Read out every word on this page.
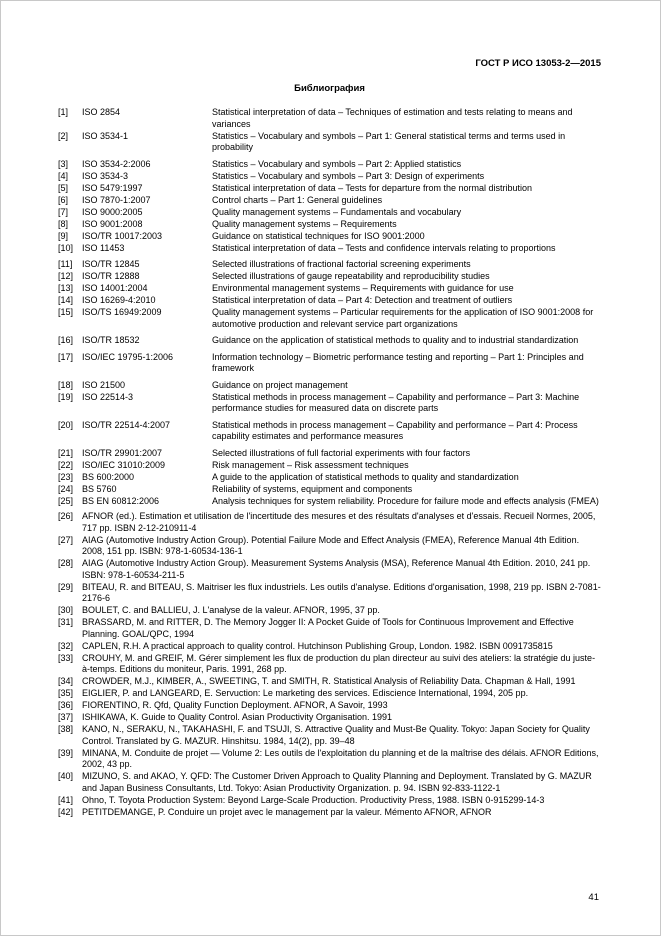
ГОСТ Р ИСО 13053-2—2015
Библиография
[1]	ISO 2854	Statistical interpretation of data – Techniques of estimation and tests relating to means and variances
[2]	ISO 3534-1	Statistics – Vocabulary and symbols – Part 1: General statistical terms and terms used in probability
[3]	ISO 3534-2:2006	Statistics – Vocabulary and symbols – Part 2: Applied statistics
[4]	ISO 3534-3	Statistics – Vocabulary and symbols – Part 3: Design of experiments
[5]	ISO 5479:1997	Statistical interpretation of data – Tests for departure from the normal distribution
[6]	ISO 7870-1:2007	Control charts – Part 1: General guidelines
[7]	ISO 9000:2005	Quality management systems – Fundamentals and vocabulary
[8]	ISO 9001:2008	Quality management systems – Requirements
[9]	ISO/TR 10017:2003	Guidance on statistical techniques for ISO 9001:2000
[10] ISO 11453	Statistical interpretation of data – Tests and confidence intervals relating to proportions
[11]	ISO/TR 12845	Selected illustrations of fractional factorial screening experiments
[12] ISO/TR 12888	Selected illustrations of gauge repeatability and reproducibility studies
[13] ISO 14001:2004	Environmental management systems – Requirements with guidance for use
[14] ISO 16269-4:2010	Statistical interpretation of data – Part 4: Detection and treatment of outliers
[15] ISO/TS 16949:2009	Quality management systems – Particular requirements for the application of ISO 9001:2008 for automotive production and relevant service part organizations
[16] ISO/TR 18532	Guidance on the application of statistical methods to quality and to industrial standardization
[17] ISO/IEC 19795-1:2006	Information technology – Biometric performance testing and reporting – Part 1: Principles and framework
[18] ISO 21500	Guidance on project management
[19] ISO 22514-3	Statistical methods in process management – Capability and performance – Part 3: Machine performance studies for measured data on discrete parts
[20] ISO/TR 22514-4:2007	Statistical methods in process management – Capability and performance – Part 4: Process capability estimates and performance measures
[21] ISO/TR 29901:2007	Selected illustrations of full factorial experiments with four factors
[22] ISO/IEC 31010:2009	Risk management – Risk assessment techniques
[23] BS 600:2000	A guide to the application of statistical methods to quality and standardization
[24] BS 5760	Reliability of systems, equipment and components
[25] BS EN 60812:2006	Analysis techniques for system reliability. Procedure for failure mode and effects analysis (FMEA)
[26] AFNOR (ed.). Estimation et utilisation de l'incertitude des mesures et des résultats d'analyses et d'essais. Recueil Normes, 2005, 717 pp. ISBN 2-12-210911-4
[27] AIAG (Automotive Industry Action Group). Potential Failure Mode and Effect Analysis (FMEA), Reference Manual 4th Edition. 2008, 151 pp. ISBN: 978-1-60534-136-1
[28] AIAG (Automotive Industry Action Group). Measurement Systems Analysis (MSA), Reference Manual 4th Edition. 2010, 241 pp. ISBN: 978-1-60534-211-5
[29] BITEAU, R. and BITEAU, S. Maitriser les flux industriels. Les outils d'analyse. Editions d'organisation, 1998, 219 pp. ISBN 2-7081-2176-6
[30] BOULET, C. and BALLIEU, J. L'analyse de la valeur. AFNOR, 1995, 37 pp.
[31] BRASSARD, M. and RITTER, D. The Memory Jogger II: A Pocket Guide of Tools for Continuous Improvement and Effective Planning. GOAL/QPC, 1994
[32] CAPLEN, R.H. A practical approach to quality control. Hutchinson Publishing Group, London. 1982. ISBN 0091735815
[33] CROUHY, M. and GREIF, M. Gérer simplement les flux de production du plan directeur au suivi des ateliers: la stratégie du juste-à-temps. Editions du moniteur, Paris. 1991, 268 pp.
[34] CROWDER, M.J., KIMBER, A., SWEETING, T. and SMITH, R. Statistical Analysis of Reliability Data. Chapman & Hall, 1991
[35] EIGLIER, P. and LANGEARD, E. Servuction: Le marketing des services. Ediscience International, 1994, 205 pp.
[36] FIORENTINO, R. Qfd, Quality Function Deployment. AFNOR, A Savoir, 1993
[37] ISHIKAWA, K. Guide to Quality Control. Asian Productivity Organisation. 1991
[38] KANO, N., SERAKU, N., TAKAHASHI, F. and TSUJI, S. Attractive Quality and Must-Be Quality. Tokyo: Japan Society for Quality Control. Translated by G. MAZUR. Hinshitsu. 1984, 14(2), pp. 39–48
[39] MINANA, M. Conduite de projet — Volume 2: Les outils de l'exploitation du planning et de la maîtrise des délais. AFNOR Editions, 2002, 43 pp.
[40] MIZUNO, S. and AKAO, Y. QFD: The Customer Driven Approach to Quality Planning and Deployment. Translated by G. MAZUR and Japan Business Consultants, Ltd. Tokyo: Asian Productivity Organization. p. 94. ISBN 92-833-1122-1
[41] Ohno, T. Toyota Production System: Beyond Large-Scale Production. Productivity Press, 1988. ISBN 0-915299-14-3
[42] PETITDEMANGE, P. Conduire un projet avec le management par la valeur. Mémento AFNOR, AFNOR
41
